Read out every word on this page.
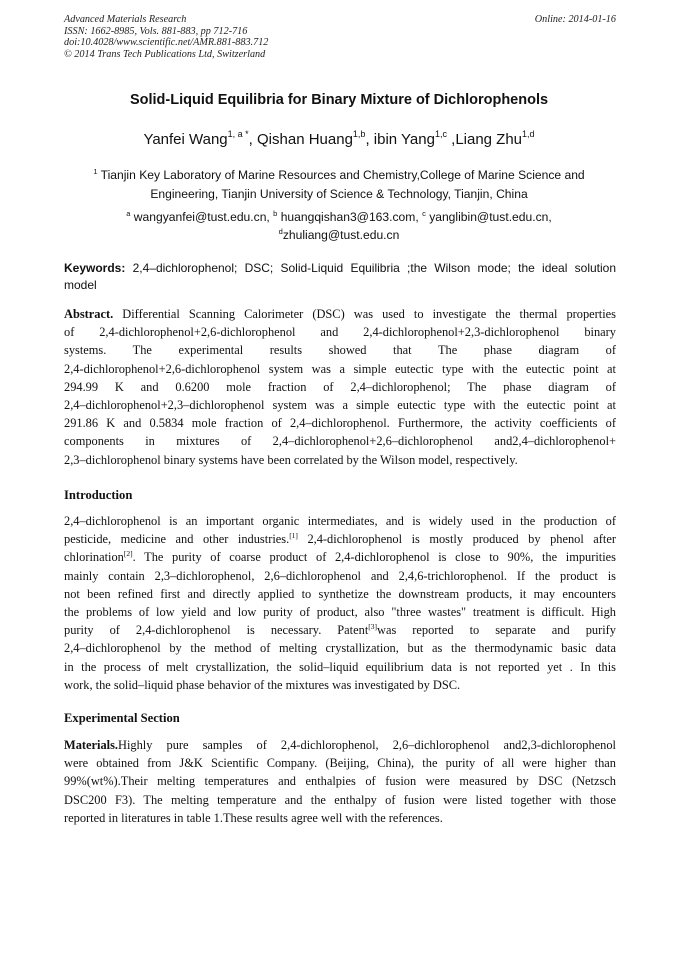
Advanced Materials Research
ISSN: 1662-8985, Vols. 881-883, pp 712-716
doi:10.4028/www.scientific.net/AMR.881-883.712
© 2014 Trans Tech Publications Ltd, Switzerland
Online: 2014-01-16
Solid-Liquid Equilibria for Binary Mixture of Dichlorophenols
Yanfei Wang$^{1, a *}$, Qishan Huang$^{1,b}$, ibin Yang$^{1,c}$ ,Liang Zhu$^{1,d}$
$^1$ Tianjin Key Laboratory of Marine Resources and Chemistry,College of Marine Science and
Engineering, Tianjin University of Science & Technology, Tianjin, China
$^a$ wangyanfei@tust.edu.cn, $^b$ huangqishan3@163.com, $^c$ yanglibin@tust.edu.cn,
$^d$zhuliang@tust.edu.cn
Keywords: 2,4–dichlorophenol; DSC; Solid-Liquid Equilibria ;the Wilson mode; the ideal solution
model
Abstract. Differential Scanning Calorimeter (DSC) was used to investigate the thermal properties
of 2,4-dichlorophenol+2,6-dichlorophenol and 2,4-dichlorophenol+2,3-dichlorophenol binary
systems. The experimental results showed that The phase diagram of
2,4-dichlorophenol+2,6-dichlorophenol system was a simple eutectic type with the eutectic point at
294.99 K and 0.6200 mole fraction of 2,4–dichlorophenol; The phase diagram of
2,4–dichlorophenol+2,3–dichlorophenol system was a simple eutectic type with the eutectic point at
291.86 K and 0.5834 mole fraction of 2,4–dichlorophenol. Furthermore, the activity coefficients of
components in mixtures of 2,4–dichlorophenol+2,6–dichlorophenol and2,4–dichlorophenol+
2,3–dichlorophenol binary systems have been correlated by the Wilson model, respectively.
Introduction
2,4–dichlorophenol is an important organic intermediates, and is widely used in the production of
pesticide, medicine and other industries.[1] 2,4-dichlorophenol is mostly produced by phenol after
chlorination[2]. The purity of coarse product of 2,4-dichlorophenol is close to 90%, the impurities
mainly contain 2,3–dichlorophenol, 2,6–dichlorophenol and 2,4,6-trichlorophenol. If the product is
not been refined first and directly applied to synthetize the downstream products, it may encounters
the problems of low yield and low purity of product, also "three wastes" treatment is difficult. High
purity of 2,4-dichlorophenol is necessary. Patent[3]was reported to separate and purify
2,4–dichlorophenol by the method of melting crystallization, but as the thermodynamic basic data
in the process of melt crystallization, the solid–liquid equilibrium data is not reported yet . In this
work, the solid–liquid phase behavior of the mixtures was investigated by DSC.
Experimental Section
Materials.Highly pure samples of 2,4-dichlorophenol, 2,6–dichlorophenol and2,3-dichlorophenol
were obtained from J&K Scientific Company. (Beijing, China), the purity of all were higher than
99%(wt%).Their melting temperatures and enthalpies of fusion were measured by DSC (Netzsch
DSC200 F3). The melting temperature and the enthalpy of fusion were listed together with those
reported in literatures in table 1.These results agree well with the references.
